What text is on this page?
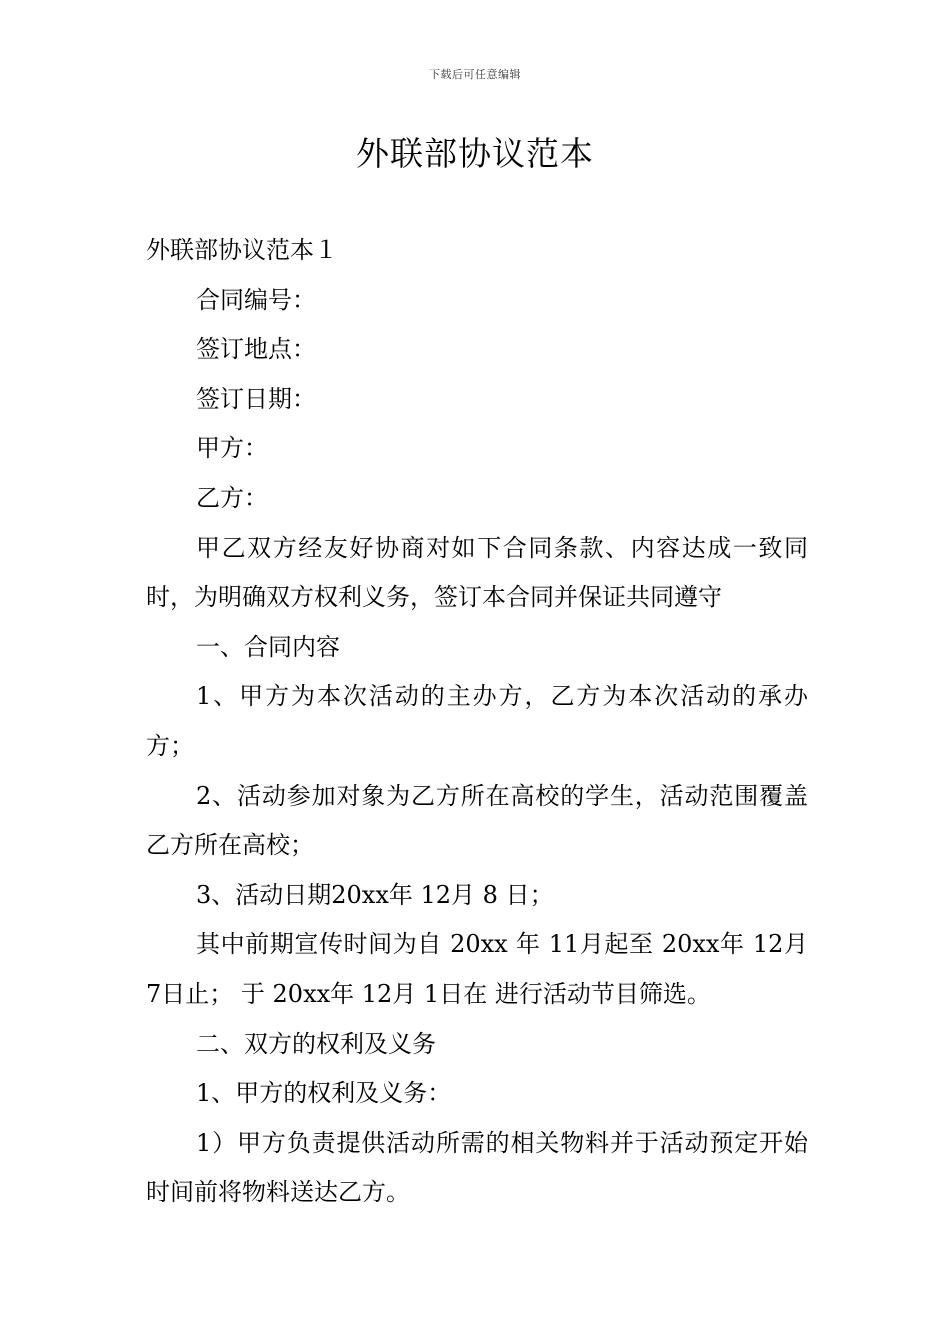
下载后可任意编辑
外联部协议范本

外联部协议范本１

合同编号：

签订地点：

签订日期：

甲方：

乙方：

甲乙双方经友好协商对如下合同条款、内容达成一致同时，为明确双方权利义务，签订本合同并保证共同遵守

一、合同内容

1、甲方为本次活动的主办方，乙方为本次活动的承办方；

2、活动参加对象为乙方所在高校的学生，活动范围覆盖乙方所在高校；

3、活动日期20xx年 12月 8 日；

其中前期宣传时间为自 20xx 年 11月起至 20xx年 12月 7日止； 于 20xx年 12月 1日在 进行活动节目筛选。

二、双方的权利及义务

1、甲方的权利及义务：

1）甲方负责提供活动所需的相关物料并于活动预定开始时间前将物料送达乙方。
